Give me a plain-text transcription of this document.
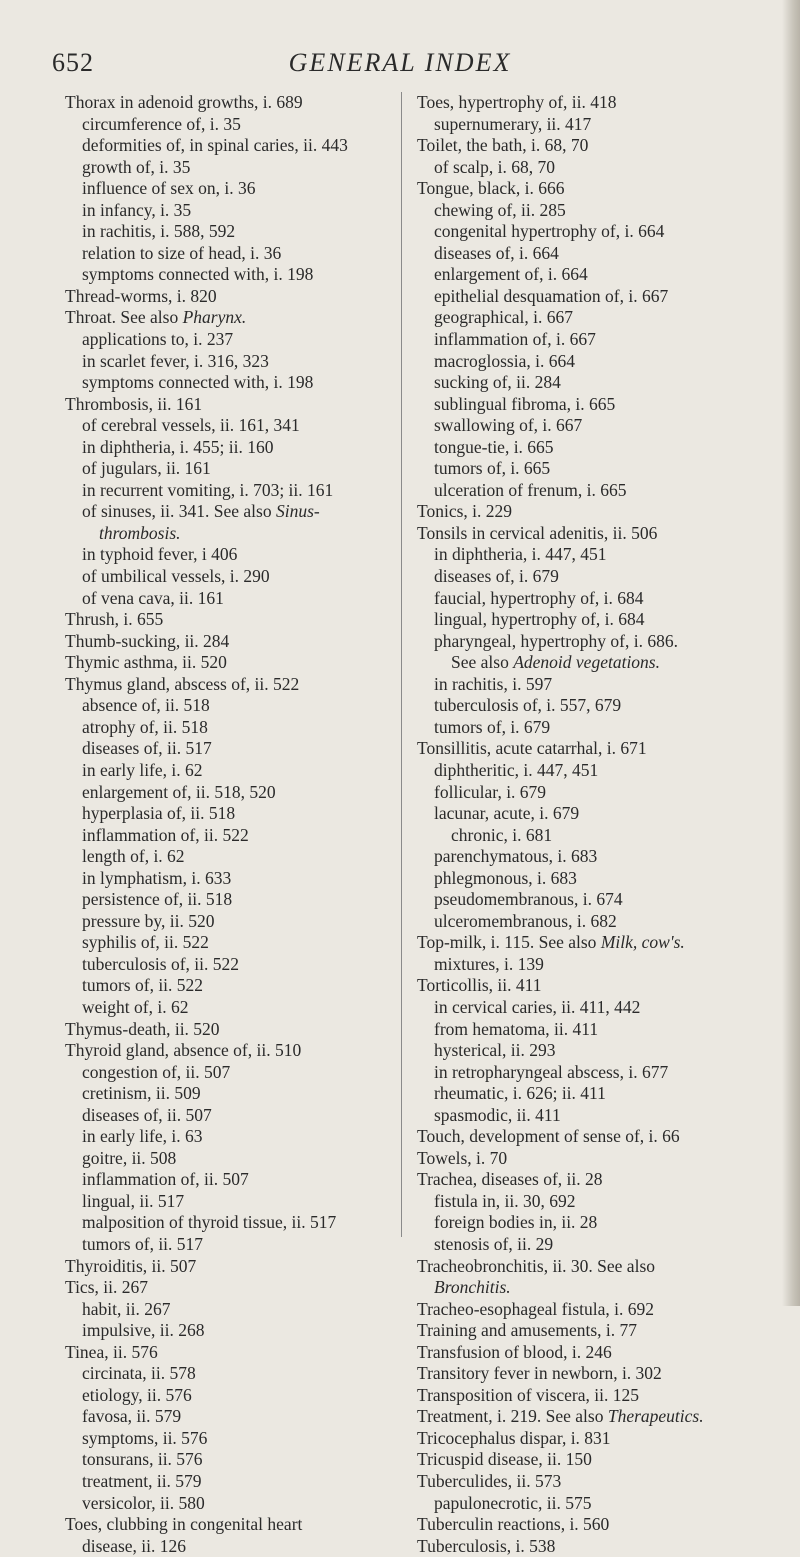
652	GENERAL INDEX
Thorax in adenoid growths, i. 689
circumference of, i. 35
deformities of, in spinal caries, ii. 443
growth of, i. 35
influence of sex on, i. 36
in infancy, i. 35
in rachitis, i. 588, 592
relation to size of head, i. 36
symptoms connected with, i. 198
Thread-worms, i. 820
Throat. See also Pharynx.
applications to, i. 237
in scarlet fever, i. 316, 323
symptoms connected with, i. 198
Thrombosis, ii. 161
of cerebral vessels, ii. 161, 341
in diphtheria, i. 455; ii. 160
of jugulars, ii. 161
in recurrent vomiting, i. 703; ii. 161
of sinuses, ii. 341. See also Sinus-
thrombosis.
in typhoid fever, i 406
of umbilical vessels, i. 290
of vena cava, ii. 161
Thrush, i. 655
Thumb-sucking, ii. 284
Thymic asthma, ii. 520
Thymus gland, abscess of, ii. 522
absence of, ii. 518
atrophy of, ii. 518
diseases of, ii. 517
in early life, i. 62
enlargement of, ii. 518, 520
hyperplasia of, ii. 518
inflammation of, ii. 522
length of, i. 62
in lymphatism, i. 633
persistence of, ii. 518
pressure by, ii. 520
syphilis of, ii. 522
tuberculosis of, ii. 522
tumors of, ii. 522
weight of, i. 62
Thymus-death, ii. 520
Thyroid gland, absence of, ii. 510
congestion of, ii. 507
cretinism, ii. 509
diseases of, ii. 507
in early life, i. 63
goitre, ii. 508
inflammation of, ii. 507
lingual, ii. 517
malposition of thyroid tissue, ii. 517
tumors of, ii. 517
Thyroiditis, ii. 507
Tics, ii. 267
habit, ii. 267
impulsive, ii. 268
Tinea, ii. 576
circinata, ii. 578
etiology, ii. 576
favosa, ii. 579
symptoms, ii. 576
tonsurans, ii. 576
treatment, ii. 579
versicolor, ii. 580
Toes, clubbing in congenital heart
disease, ii. 126
Toes, hypertrophy of, ii. 418
supernumerary, ii. 417
Toilet, the bath, i. 68, 70
of scalp, i. 68, 70
Tongue, black, i. 666
chewing of, ii. 285
congenital hypertrophy of, i. 664
diseases of, i. 664
enlargement of, i. 664
epithelial desquamation of, i. 667
geographical, i. 667
inflammation of, i. 667
macroglossia, i. 664
sucking of, ii. 284
sublingual fibroma, i. 665
swallowing of, i. 667
tongue-tie, i. 665
tumors of, i. 665
ulceration of frenum, i. 665
Tonics, i. 229
Tonsils in cervical adenitis, ii. 506
in diphtheria, i. 447, 451
diseases of, i. 679
faucial, hypertrophy of, i. 684
lingual, hypertrophy of, i. 684
pharyngeal, hypertrophy of, i. 686.
See also Adenoid vegetations.
in rachitis, i. 597
tuberculosis of, i. 557, 679
tumors of, i. 679
Tonsillitis, acute catarrhal, i. 671
diphtheritic, i. 447, 451
follicular, i. 679
lacunar, acute, i. 679
chronic, i. 681
parenchymatous, i. 683
phlegmonous, i. 683
pseudomembranous, i. 674
ulceromembranous, i. 682
Top-milk, i. 115. See also Milk, cow's.
mixtures, i. 139
Torticollis, ii. 411
in cervical caries, ii. 411, 442
from hematoma, ii. 411
hysterical, ii. 293
in retropharyngeal abscess, i. 677
rheumatic, i. 626; ii. 411
spasmodic, ii. 411
Touch, development of sense of, i. 66
Towels, i. 70
Trachea, diseases of, ii. 28
fistula in, ii. 30, 692
foreign bodies in, ii. 28
stenosis of, ii. 29
Tracheobronchitis, ii. 30. See also
Bronchitis.
Tracheo-esophageal fistula, i. 692
Training and amusements, i. 77
Transfusion of blood, i. 246
Transitory fever in newborn, i. 302
Transposition of viscera, ii. 125
Treatment, i. 219. See also Therapeutics.
Tricocephalus dispar, i. 831
Tricuspid disease, ii. 150
Tuberculides, ii. 573
papulonecrotic, ii. 575
Tuberculin reactions, i. 560
Tuberculosis, i. 538
